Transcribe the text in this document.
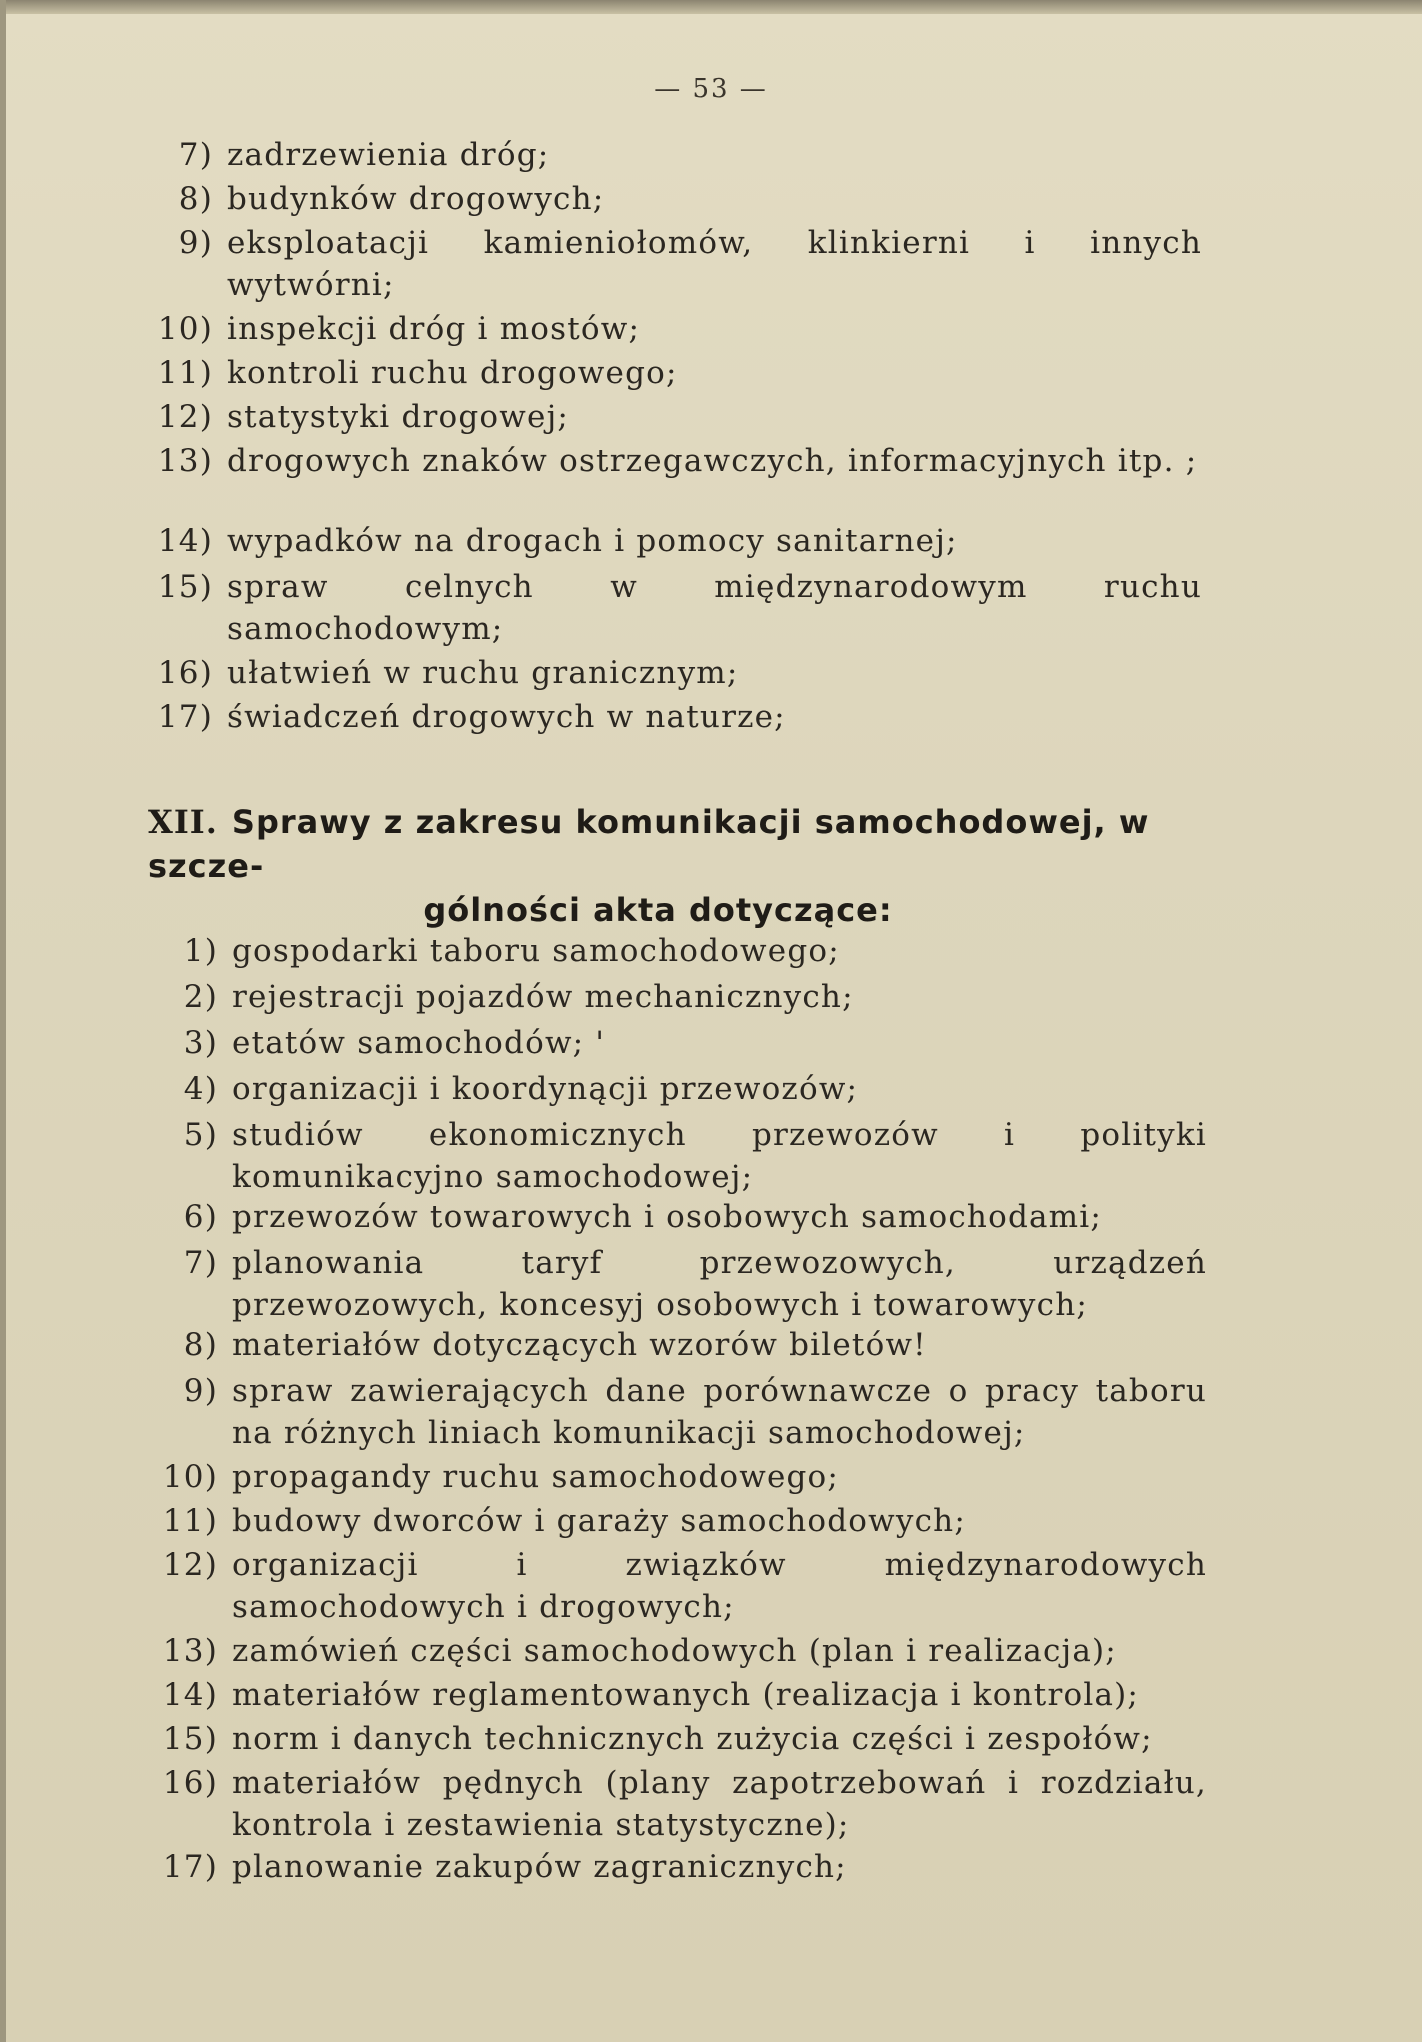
— 53 —
7) zadrzewienia dróg;
8) budynków drogowych;
9) eksploatacji kamieniołomów, klinkierni i innych wytwórni;
10) inspekcji dróg i mostów;
11) kontroli ruchu drogowego;
12) statystyki drogowej;
13) drogowych znaków ostrzegawczych, informacyjnych itp. ;
14) wypadków na drogach i pomocy sanitarnej;
15) spraw celnych w międzynarodowym ruchu samochodowym;
16) ułatwień w ruchu granicznym;
17) świadczeń drogowych w naturze;
XII. Sprawy z zakresu komunikacji samochodowej, w szcze-
gólności akta dotyczące:
1) gospodarki taboru samochodowego;
2) rejestracji pojazdów mechanicznych;
3) etatów samochodów; '
4) organizacji i koordynącji przewozów;
5) studiów ekonomicznych przewozów i polityki komunikacyjno samochodowej;
6) przewozów towarowych i osobowych samochodami;
7) planowania taryf przewozowych, urządzeń przewozowych, koncesyj osobowych i towarowych;
8) materiałów dotyczących wzorów biletów!
9) spraw zawierających dane porównawcze o pracy taboru na różnych liniach komunikacji samochodowej;
10) propagandy ruchu samochodowego;
11) budowy dworców i garaży samochodowych;
12) organizacji i związków międzynarodowych samochodowych i drogowych;
13) zamówień części samochodowych (plan i realizacja);
14) materiałów reglamentowanych (realizacja i kontrola);
15) norm i danych technicznych zużycia części i zespołów;
16) materiałów pędnych (plany zapotrzebowań i rozdziału, kontrola i zestawienia statystyczne);
17) planowanie zakupów zagranicznych;
